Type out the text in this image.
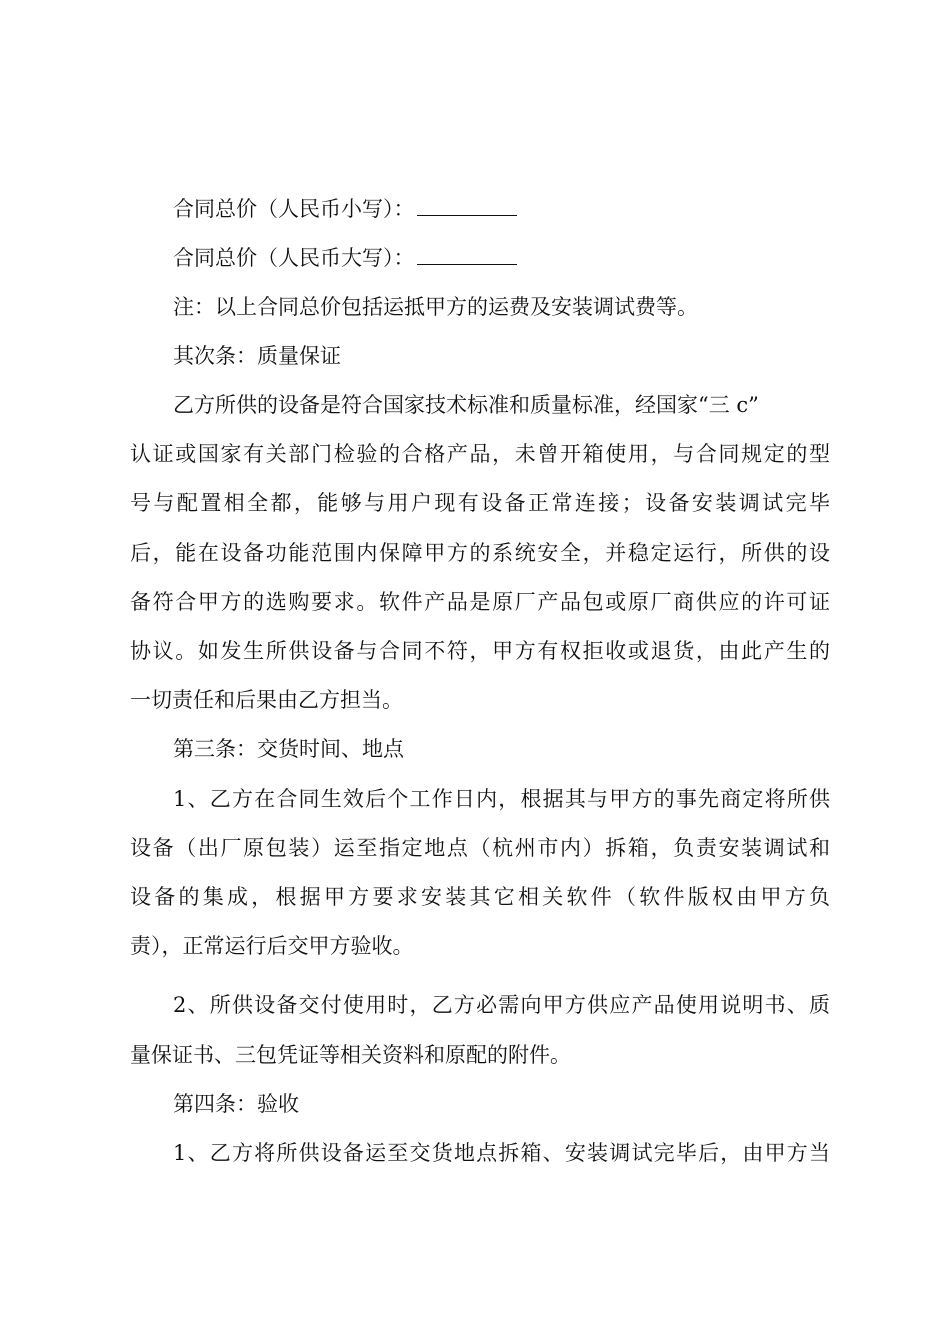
合同总价（人民币小写）：
合同总价（人民币大写）：
注：以上合同总价包括运抵甲方的运费及安装调试费等。
其次条：质量保证
乙方所供的设备是符合国家技术标准和质量标准，经国家“三 c”
认证或国家有关部门检验的合格产品，未曾开箱使用，与合同规定的型
号与配置相全都，能够与用户现有设备正常连接；设备安装调试完毕
后，能在设备功能范围内保障甲方的系统安全，并稳定运行，所供的设
备符合甲方的选购要求。软件产品是原厂产品包或原厂商供应的许可证
协议。如发生所供设备与合同不符，甲方有权拒收或退货，由此产生的
一切责任和后果由乙方担当。
第三条：交货时间、地点
1、乙方在合同生效后个工作日内，根据其与甲方的事先商定将所供
设备（出厂原包装）运至指定地点（杭州市内）拆箱，负责安装调试和
设备的集成，根据甲方要求安装其它相关软件（软件版权由甲方负
责），正常运行后交甲方验收。
2、所供设备交付使用时，乙方必需向甲方供应产品使用说明书、质
量保证书、三包凭证等相关资料和原配的附件。
第四条：验收
1、乙方将所供设备运至交货地点拆箱、安装调试完毕后，由甲方当
